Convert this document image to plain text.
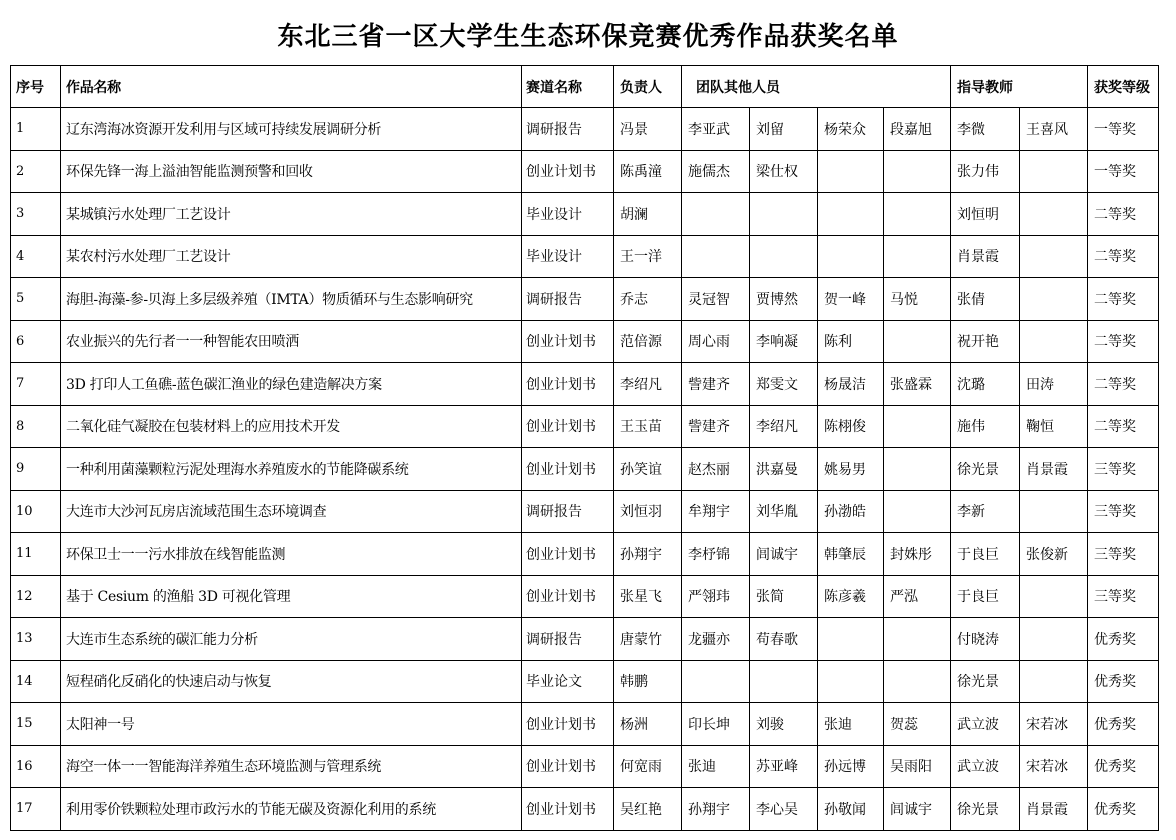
东北三省一区大学生生态环保竞赛优秀作品获奖名单
序号	作品名称	赛道名称	负责人	团队其他人员				指导教师		获奖等级
1	辽东湾海冰资源开发利用与区域可持续发展调研分析	调研报告	冯景	李亚武	刘留	杨荣众	段嘉旭	李微	王喜风	一等奖
2	环保先锋一海上溢油智能监测预警和回收	创业计划书	陈禹潼	施儒杰	梁仕权			张力伟		一等奖
3	某城镇污水处理厂工艺设计	毕业设计	胡澜					刘恒明		二等奖
4	某农村污水处理厂工艺设计	毕业设计	王一洋					肖景霞		二等奖
5	海胆-海藻-参-贝海上多层级养殖（IMTA）物质循环与生态影响研究	调研报告	乔志	灵冠智	贾博然	贺一峰	马悦	张倩		二等奖
6	农业振兴的先行者一一种智能农田喷洒	创业计划书	范倍源	周心雨	李响凝	陈利		祝开艳		二等奖
7	3D 打印人工鱼礁-蓝色碳汇渔业的绿色建造解决方案	创业计划书	李绍凡	訾建齐	郑雯文	杨晟洁	张盛霖	沈璐	田涛	二等奖
8	二氧化硅气凝胶在包装材料上的应用技术开发	创业计划书	王玉苗	訾建齐	李绍凡	陈栩俊		施伟	鞠恒	二等奖
9	一种利用菌藻颗粒污泥处理海水养殖废水的节能降碳系统	创业计划书	孙笑谊	赵杰丽	洪嘉曼	姚易男		徐光景	肖景霞	三等奖
10	大连市大沙河瓦房店流域范围生态环境调查	调研报告	刘恒羽	牟翔宇	刘华胤	孙渤皓		李新		三等奖
11	环保卫士一一污水排放在线智能监测	创业计划书	孙翔宇	李杼锦	闾诚宇	韩肇辰	封姝彤	于良巨	张俊新	三等奖
12	基于 Cesium 的渔船 3D 可视化管理	创业计划书	张星飞	严翎玮	张简	陈彦羲	严泓	于良巨		三等奖
13	大连市生态系统的碳汇能力分析	调研报告	唐蒙竹	龙疆亦	苟春歌			付晓涛		优秀奖
14	短程硝化反硝化的快速启动与恢复	毕业论文	韩鹏					徐光景		优秀奖
15	太阳神一号	创业计划书	杨洲	印长坤	刘骏	张迪	贺蕊	武立波	宋若冰	优秀奖
16	海空一体一一智能海洋养殖生态环境监测与管理系统	创业计划书	何宽雨	张迪	苏亚峰	孙远博	吴雨阳	武立波	宋若冰	优秀奖
17	利用零价铁颗粒处理市政污水的节能无碳及资源化利用的系统	创业计划书	吴红艳	孙翔宇	李心吴	孙敬闻	闾诚宇	徐光景	肖景霞	优秀奖
